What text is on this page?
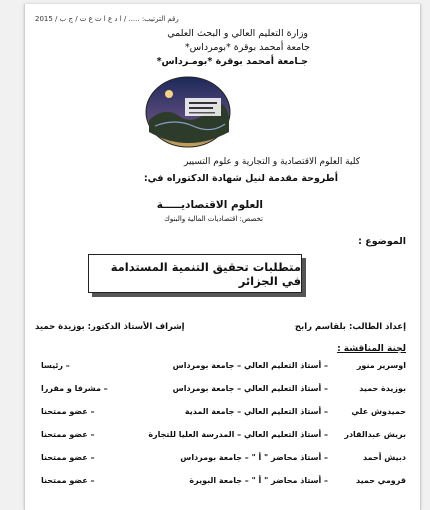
رقم الترتيب: ..... / ا د ع ا ت ع ت / ج ب / 2015
وزارة التعليم العالي و البحث العلمي
جامعة أمحمد بوقرة *بومرداس*
جـامعة أمحمد بوقرة *بومـرداس*
كلية العلوم الاقتصادية و التجارية و علوم التسيير
أطروحة مقدمة لنيل شهادة الدكتوراه في:
العلوم الاقتصاديـــــة
تخصص: اقتصاديات المالية والبنوك
الموضوع :
متطلبات تحقيق التنمية المستدامة في الجزائر
إعداد الطالب: بلقاسم رابح
إشراف الأستاذ الدكتور: بوزيدة حميد
لجنة المناقشة :
اوسرير منور
– أستاذ التعليم العالي – جامعة بومرداس
– رئيسا
بوزيدة حميد
– أستاذ التعليم العالي – جامعة بومرداس
– مشرفا و مقررا
حميدوش علي
– أستاذ التعليم العالي – جامعة المدية
– عضو ممتحنا
بريش عبدالقادر
– أستاذ التعليم العالي – المدرسة العليا للتجارة
– عضو ممتحنا
دبيش أحمد
– أستاذ محاضر " أ " – جامعة بومرداس
– عضو ممتحنا
قرومي حميد
– أستاذ محاضر " أ " – جامعة البويرة
– عضو ممتحنا
